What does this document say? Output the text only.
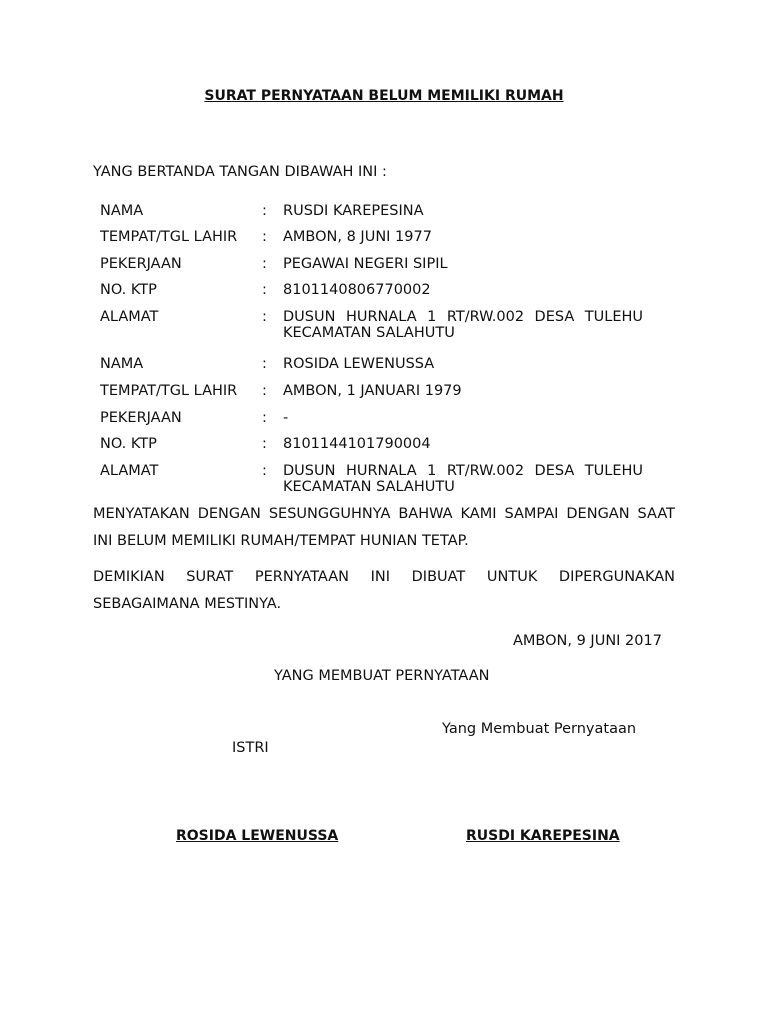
SURAT PERNYATAAN BELUM MEMILIKI RUMAH
YANG BERTANDA TANGAN DIBAWAH INI :
NAMA	: RUSDI KAREPESINA
TEMPAT/TGL LAHIR : AMBON, 8 JUNI 1977
PEKERJAAN	: PEGAWAI NEGERI SIPIL
NO. KTP	: 8101140806770002
ALAMAT	: DUSUN HURNALA 1 RT/RW.002 DESA TULEHU
KECAMATAN SALAHUTU
NAMA	: ROSIDA LEWENUSSA
TEMPAT/TGL LAHIR : AMBON, 1 JANUARI 1979
PEKERJAAN	: -
NO. KTP	: 8101144101790004
ALAMAT	: DUSUN HURNALA 1 RT/RW.002 DESA TULEHU
KECAMATAN SALAHUTU
MENYATAKAN DENGAN SESUNGGUHNYA BAHWA KAMI SAMPAI DENGAN SAAT
INI BELUM MEMILIKI RUMAH/TEMPAT HUNIAN TETAP.
DEMIKIAN SURAT PERNYATAAN INI DIBUAT UNTUK DIPERGUNAKAN
SEBAGAIMANA MESTINYA.
AMBON, 9 JUNI 2017
YANG MEMBUAT PERNYATAAN
Yang Membuat Pernyataan
ISTRI
ROSIDA LEWENUSSA	RUSDI KAREPESINA
